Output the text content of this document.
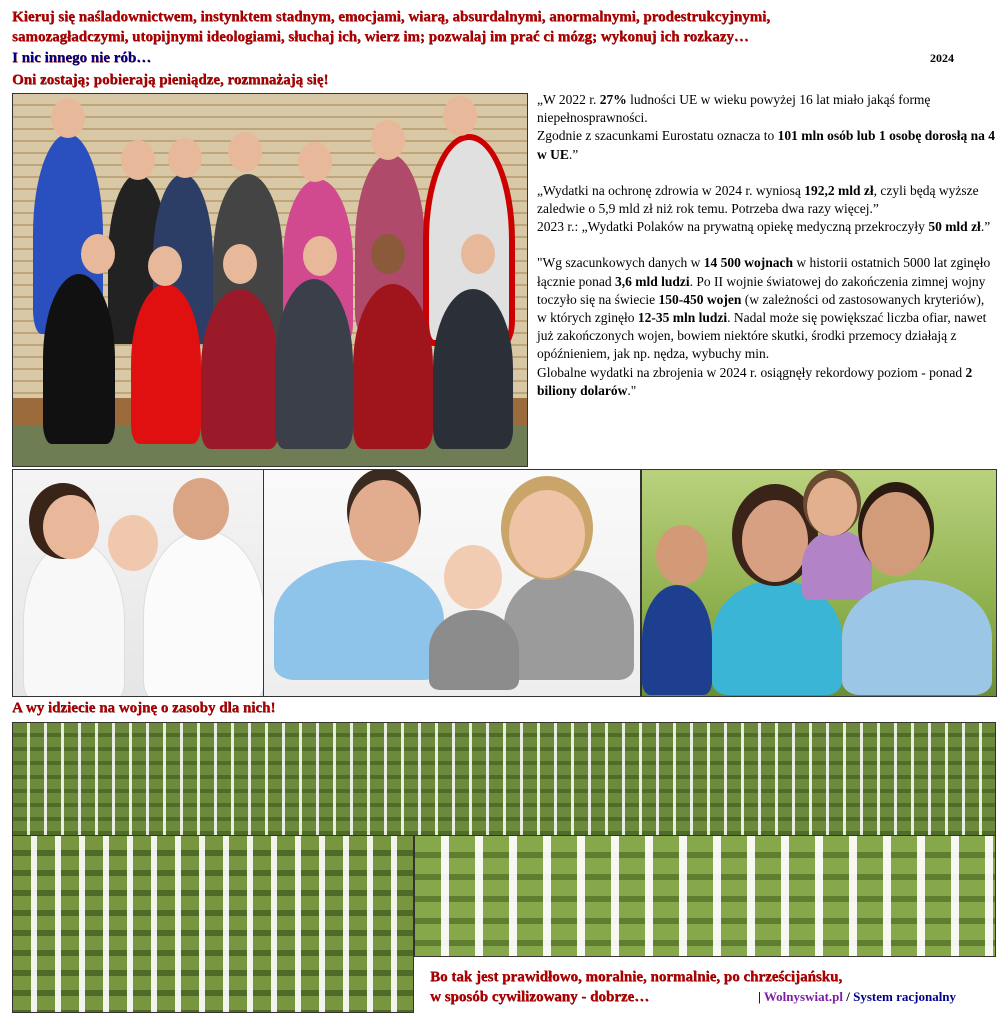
Kieruj się naśladownictwem, instynktem stadnym, emocjami, wiarą, absurdalnymi, anormalnymi, prodestrukcyjnymi,
samozagładczymi, utopijnymi ideologiami, słuchaj ich, wierz im; pozwalaj im prać ci mózg; wykonuj ich rozkazy…
I nic innego nie rób…	2024
Oni zostają; pobierają pieniądze, rozmnażają się!

„W 2022 r. 27% ludności UE w wieku powyżej 16 lat miało jakąś formę niepełnosprawności.
Zgodnie z szacunkami Eurostatu oznacza to 101 mln osób lub 1 osobę dorosłą na 4 w UE.”

„Wydatki na ochronę zdrowia w 2024 r. wyniosą 192,2 mld zł, czyli będą wyższe zaledwie o 5,9 mld zł niż rok temu. Potrzeba dwa razy więcej.”
2023 r.: „Wydatki Polaków na prywatną opiekę medyczną przekroczyły 50 mld zł.”

"Wg szacunkowych danych w 14 500 wojnach w historii ostatnich 5000 lat zginęło łącznie ponad 3,6 mld ludzi. Po II wojnie światowej do zakończenia zimnej wojny toczyło się na świecie 150-450 wojen (w zależności od zastosowanych kryteriów), w których zginęło 12-35 mln ludzi. Nadal może się powiększać liczba ofiar, nawet już zakończonych wojen, bowiem niektóre skutki, środki przemocy działają z opóźnieniem, jak np. nędza, wybuchy min.
Globalne wydatki na zbrojenia w 2024 r. osiągnęły rekordowy poziom - ponad 2 biliony dolarów."

A wy idziecie na wojnę o zasoby dla nich!
Bo tak jest prawidłowo, moralnie, normalnie, po chrześcijańsku,
w sposób cywilizowany - dobrze…	| Wolnyswiat.pl / System racjonalny
